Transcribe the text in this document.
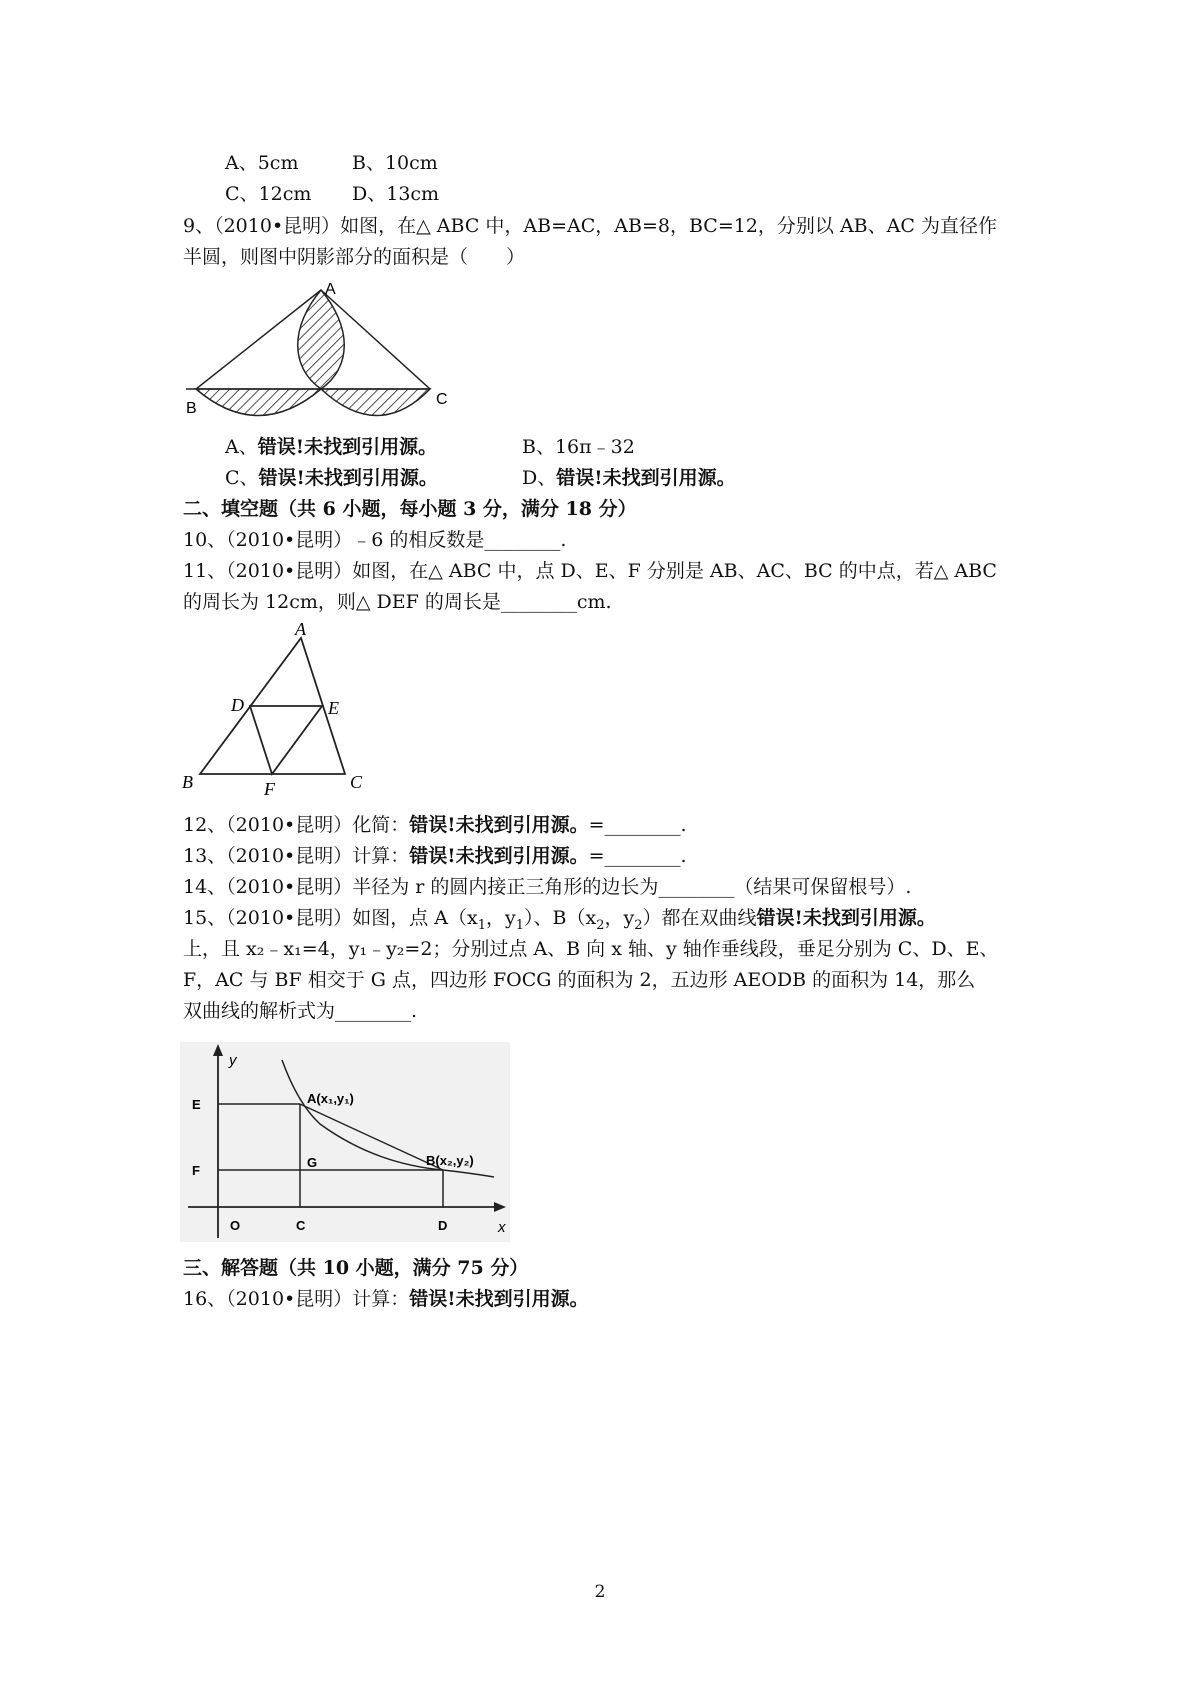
A、5cm	B、10cm
C、12cm D、13cm
9、（2010•昆明）如图，在△ ABC 中，AB=AC，AB=8，BC=12，分别以 AB、AC 为直径作
半圆，则图中阴影部分的面积是（　　）
A
B
C
A、错误!未找到引用源。	B、16π﹣32
C、错误!未找到引用源。	D、错误!未找到引用源。
二、填空题（共 6 小题，每小题 3 分，满分 18 分）
10、（2010•昆明）﹣6 的相反数是________.
11、（2010•昆明）如图，在△ ABC 中，点 D、E、F 分别是 AB、AC、BC 的中点，若△ ABC
的周长为 12cm，则△ DEF 的周长是________cm.
A
B	C
D	E
F
12、（2010•昆明）化简：错误!未找到引用源。=________.
13、（2010•昆明）计算：错误!未找到引用源。=________.
14、（2010•昆明）半径为 r 的圆内接正三角形的边长为________（结果可保留根号）.
15、（2010•昆明）如图，点 $A(x_1$，$y_1$）、$B(x_2$，$y_2$）都在双曲线错误!未找到引用源。
上，且 x₂﹣x₁=4，y₁﹣y₂=2；分别过点 A、B 向 x 轴、y 轴作垂线段，垂足分别为 C、D、E、
F，AC 与 BF 相交于 G 点，四边形 FOCG 的面积为 2，五边形 AEODB 的面积为 14，那么
双曲线的解析式为________.
y
x
E
F
O	C	D
G
A(x₁,y₁)
B(x₂,y₂)
三、解答题（共 10 小题，满分 75 分）
16、（2010•昆明）计算：错误!未找到引用源。
2
